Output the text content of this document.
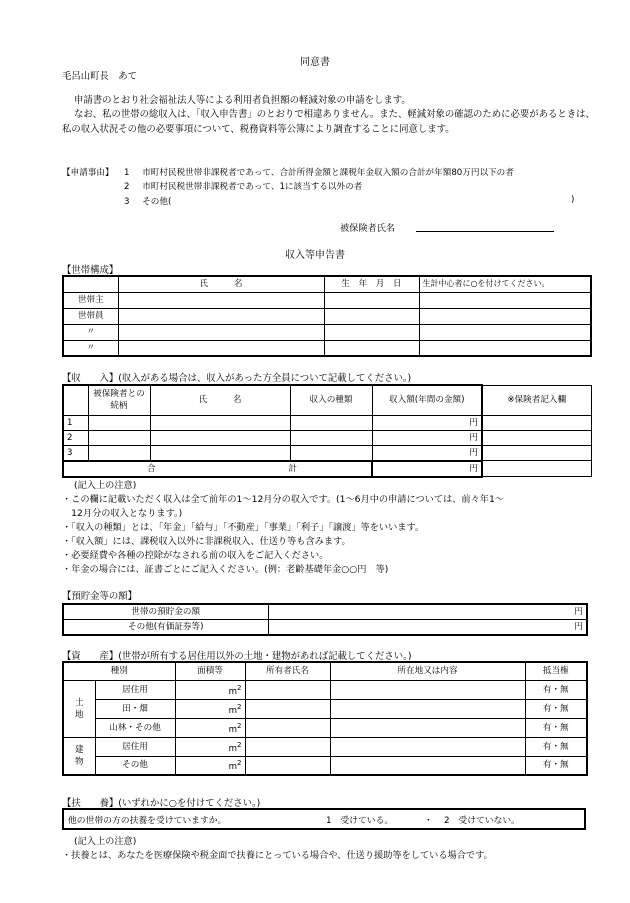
同意書
毛呂山町長　あて
申請書のとおり社会福祉法人等による利用者負担額の軽減対象の申請をします。
なお、私の世帯の総収入は、「収入申告書」のとおりで相違ありません。また、軽減対象の確認のために必要があるときは、私の収入状況その他の必要事項について、税務資料等公簿により調査することに同意します。
【申請事由】 1 市町村民税世帯非課税者であって、合計所得金額と課税年金収入額の合計が年額80万円以下の者
2 市町村民税世帯非課税者であって、1に該当する以外の者
3 その他(	)
被保険者氏名
収入等申告書
【世帯構成】
	氏　　　名	生　年　月　日	生計中心者に○を付けてください。
世帯主			
世帯員			
〃			
〃			
【収　　入】(収入がある場合は、収入があった方全員について記載してください。)
	被保険者との続柄	氏　　　名	収入の種類	収入額(年間の金額)	※保険者記入欄
1				円	
2				円	
3				円	
合 計				円	
(記入上の注意)
・この欄に記載いただく収入は全て前年の1～12月分の収入です。(1～6月中の申請については、前々年1～
　12月分の収入となります。)
・「収入の種類」とは、「年金」「給与」「不動産」「事業」「利子」「譲渡」等をいいます。
・「収入額」には、課税収入以外に非課税収入、仕送り等も含みます。
・必要経費や各種の控除がなされる前の収入をご記入ください。
・年金の場合には、証書ごとにご記入ください。(例：老齢基礎年金○○円　等)
【預貯金等の額】
世帯の預貯金の額	円
その他(有価証券等)	円
【資　　産】(世帯が所有する居住用以外の土地・建物があれば記載してください。)
種別		面積等	所有者氏名	所在地又は内容	抵当権
土地	居住用	$m^2$			有・無
	田・畑	$m^2$			有・無
	山林・その他	$m^2$			有・無
建物	居住用	$m^2$			有・無
	その他	$m^2$			有・無
【扶　　養】(いずれかに○を付けてください。)
他の世帯の方の扶養を受けていますか。	1　受けている。	・ 2　受けていない。
(記入上の注意)
・扶養とは、あなたを医療保険や税金面で扶養にとっている場合や、仕送り援助等をしている場合です。
